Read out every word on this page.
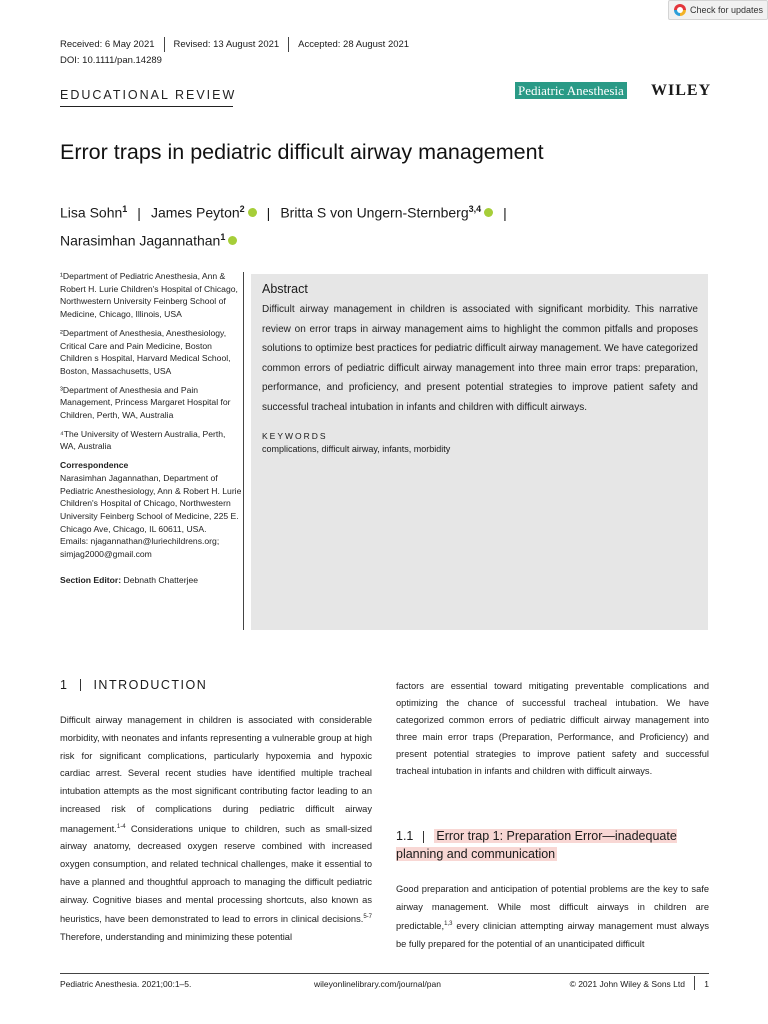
Check for updates
Received: 6 May 2021 Revised: 13 August 2021 Accepted: 28 August 2021
DOI: 10.1111/pan.14289
EDUCATIONAL REVIEW	Pediatric Anesthesia WILEY
Error traps in pediatric difficult airway management
Lisa Sohn$^1$ | James Peyton$^2$ | Britta S von Ungern-Sternberg$^{3,4}$ |
Narasimhan Jagannathan$^1$

¹Department of Pediatric Anesthesia, Ann & Robert H. Lurie Children's Hospital of Chicago, Northwestern University Feinberg School of Medicine, Chicago, Illinois, USA

²Department of Anesthesia, Anesthesiology, Critical Care and Pain Medicine, Boston Children s Hospital, Harvard Medical School, Boston, Massachusetts, USA

³Department of Anesthesia and Pain Management, Princess Margaret Hospital for Children, Perth, WA, Australia

⁴The University of Western Australia, Perth, WA, Australia

Correspondence
Narasimhan Jagannathan, Department of Pediatric Anesthesiology, Ann & Robert H. Lurie Children's Hospital of Chicago, Northwestern University Feinberg School of Medicine, 225 E. Chicago Ave, Chicago, IL 60611, USA.
Emails: njagannathan@luriechildrens.org; simjag2000@gmail.com
Section Editor: Debnath Chatterjee
Abstract
Difficult airway management in children is associated with significant morbidity. This narrative review on error traps in airway management aims to highlight the common pitfalls and proposes solutions to optimize best practices for pediatric difficult airway management. We have categorized common errors of pediatric difficult airway management into three main error traps: preparation, performance, and proficiency, and present potential strategies to improve patient safety and successful tracheal intubation in infants and children with difficult airways.
KEYWORDS
complications, difficult airway, infants, morbidity
1 INTRODUCTION
Difficult airway management in children is associated with considerable morbidity, with neonates and infants representing a vulnerable group at high risk for significant complications, particularly hypoxemia and hypoxic cardiac arrest. Several recent studies have identified multiple tracheal intubation attempts as the most significant contributing factor leading to an increased risk of complications during pediatric difficult airway management.$^{1-4}$ Considerations unique to children, such as small-sized airway anatomy, decreased oxygen reserve combined with increased oxygen consumption, and related technical challenges, make it essential to have a planned and thoughtful approach to managing the difficult pediatric airway. Cognitive biases and mental processing shortcuts, also known as heuristics, have been demonstrated to lead to errors in clinical decisions.$^{5-7}$ Therefore, understanding and minimizing these potential
factors are essential toward mitigating preventable complications and optimizing the chance of successful tracheal intubation. We have categorized common errors of pediatric difficult airway management into three main error traps (Preparation, Performance, and Proficiency) and present potential strategies to improve patient safety and successful tracheal intubation in infants and children with difficult airways.
1.1 Error trap 1: Preparation Error—inadequate planning and communication
Good preparation and anticipation of potential problems are the key to safe airway management. While most difficult airways in children are predictable,$^{1,3}$ every clinician attempting airway management must always be fully prepared for the potential of an unanticipated difficult
Pediatric Anesthesia. 2021;00:1–5.	wileyonlinelibrary.com/journal/pan	© 2021 John Wiley & Sons Ltd 1
